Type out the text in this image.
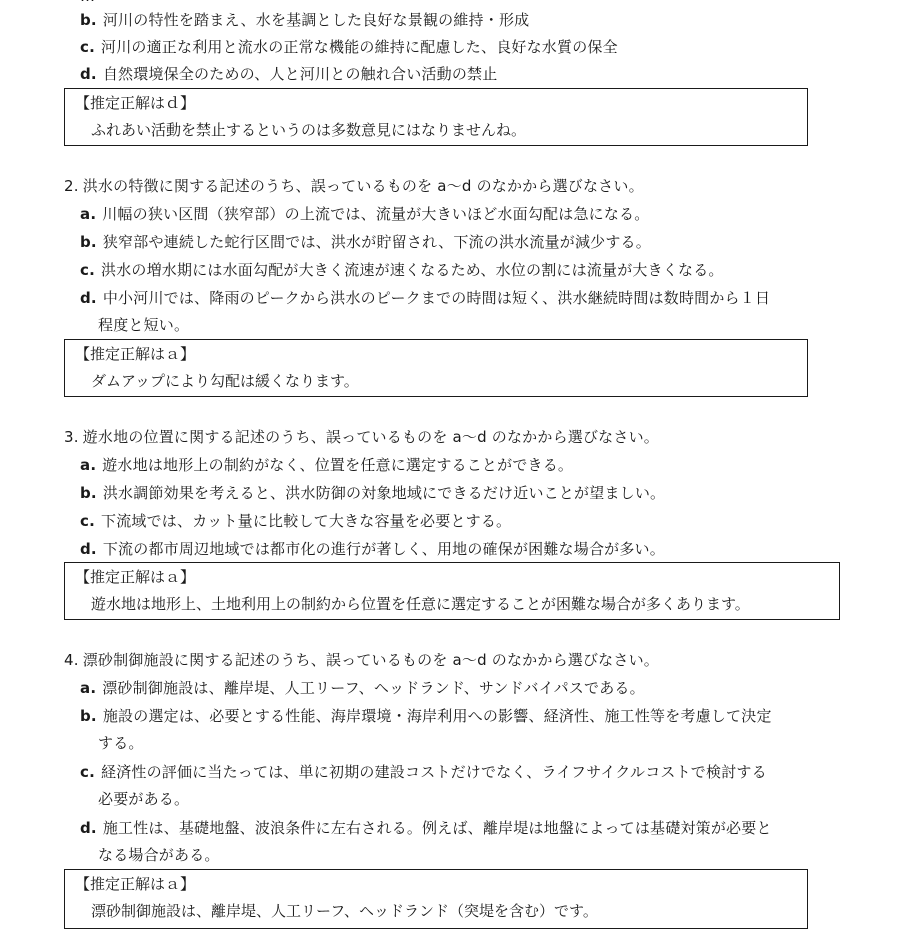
b. 河川の特性を踏まえ、水を基調とした良好な景観の維持・形成
c. 河川の適正な利用と流水の正常な機能の維持に配慮した、良好な水質の保全
d. 自然環境保全のための、人と河川との触れ合い活動の禁止
【推定正解はｄ】
ふれあい活動を禁止するというのは多数意見にはなりませんね。
2. 洪水の特徴に関する記述のうち、誤っているものを a～d のなかから選びなさい。
a. 川幅の狭い区間（狭窄部）の上流では、流量が大きいほど水面勾配は急になる。
b. 狭窄部や連続した蛇行区間では、洪水が貯留され、下流の洪水流量が減少する。
c. 洪水の増水期には水面勾配が大きく流速が速くなるため、水位の割には流量が大きくなる。
d. 中小河川では、降雨のピークから洪水のピークまでの時間は短く、洪水継続時間は数時間から１日
程度と短い。
【推定正解はａ】
ダムアップにより勾配は緩くなります。
3. 遊水地の位置に関する記述のうち、誤っているものを a～d のなかから選びなさい。
a. 遊水地は地形上の制約がなく、位置を任意に選定することができる。
b. 洪水調節効果を考えると、洪水防御の対象地域にできるだけ近いことが望ましい。
c. 下流域では、カット量に比較して大きな容量を必要とする。
d. 下流の都市周辺地域では都市化の進行が著しく、用地の確保が困難な場合が多い。
【推定正解はａ】
遊水地は地形上、土地利用上の制約から位置を任意に選定することが困難な場合が多くあります。
4. 漂砂制御施設に関する記述のうち、誤っているものを a～d のなかから選びなさい。
a. 漂砂制御施設は、離岸堤、人工リーフ、ヘッドランド、サンドバイパスである。
b. 施設の選定は、必要とする性能、海岸環境・海岸利用への影響、経済性、施工性等を考慮して決定
する。
c. 経済性の評価に当たっては、単に初期の建設コストだけでなく、ライフサイクルコストで検討する
必要がある。
d. 施工性は、基礎地盤、波浪条件に左右される。例えば、離岸堤は地盤によっては基礎対策が必要と
なる場合がある。
【推定正解はａ】
漂砂制御施設は、離岸堤、人工リーフ、ヘッドランド（突堤を含む）です。
